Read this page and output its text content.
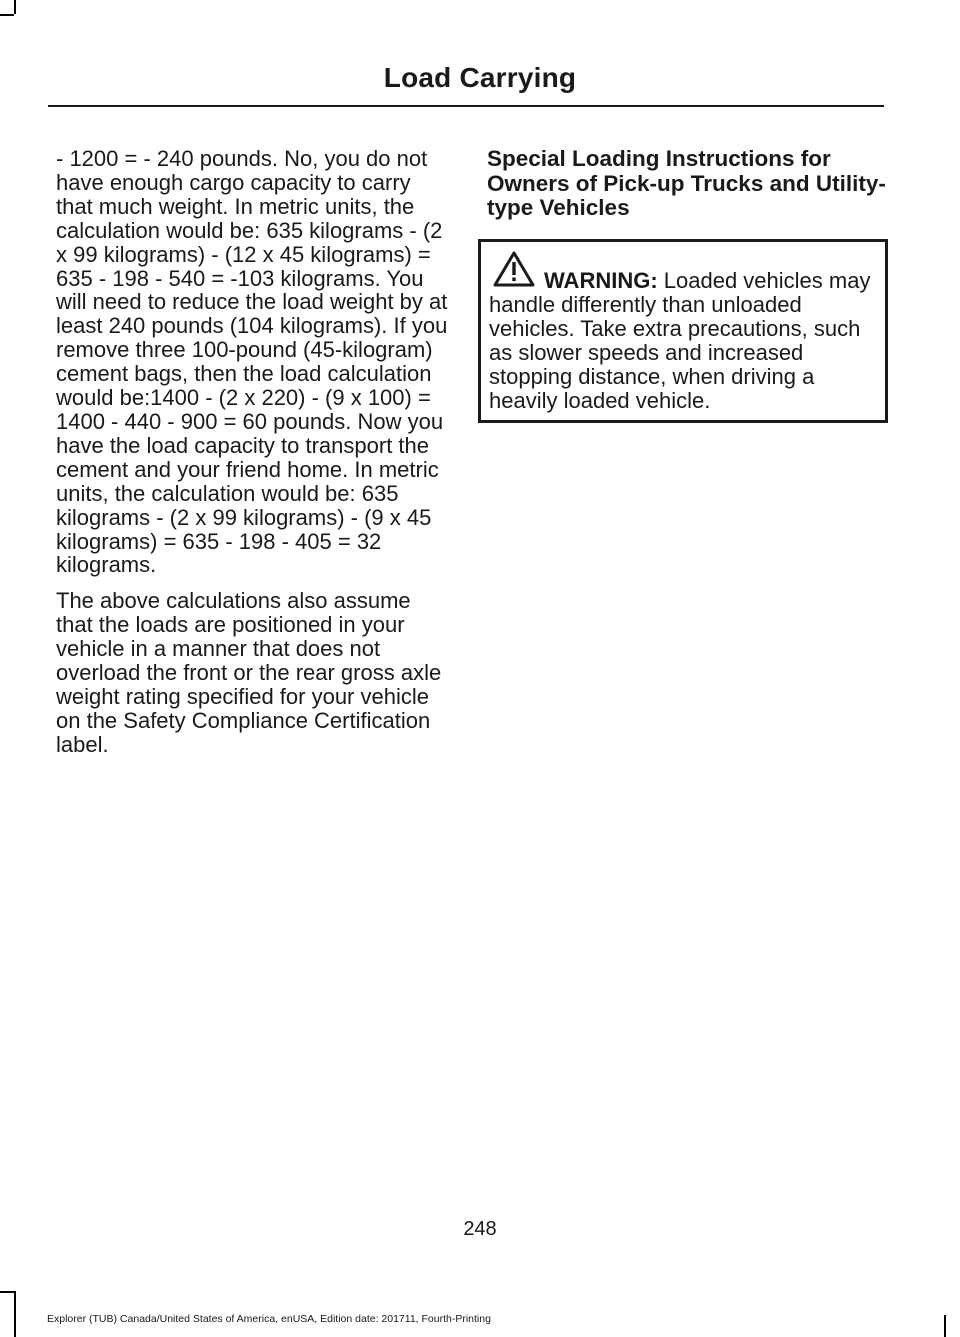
Load Carrying

- 1200 = - 240 pounds. No, you do not have enough cargo capacity to carry that much weight. In metric units, the calculation would be: 635 kilograms - (2 x 99 kilograms) - (12 x 45 kilograms) = 635 - 198 - 540 = -103 kilograms. You will need to reduce the load weight by at least 240 pounds (104 kilograms). If you remove three 100-pound (45-kilogram) cement bags, then the load calculation would be:1400 - (2 x 220) - (9 x 100) = 1400 - 440 - 900 = 60 pounds. Now you have the load capacity to transport the cement and your friend home. In metric units, the calculation would be: 635 kilograms - (2 x 99 kilograms) - (9 x 45 kilograms) = 635 - 198 - 405 = 32 kilograms.

The above calculations also assume that the loads are positioned in your vehicle in a manner that does not overload the front or the rear gross axle weight rating specified for your vehicle on the Safety Compliance Certification label.

Special Loading Instructions for Owners of Pick-up Trucks and Utility-type Vehicles

WARNING: Loaded vehicles may handle differently than unloaded vehicles. Take extra precautions, such as slower speeds and increased stopping distance, when driving a heavily loaded vehicle.

248
Explorer (TUB) Canada/United States of America, enUSA, Edition date: 201711, Fourth-Printing
